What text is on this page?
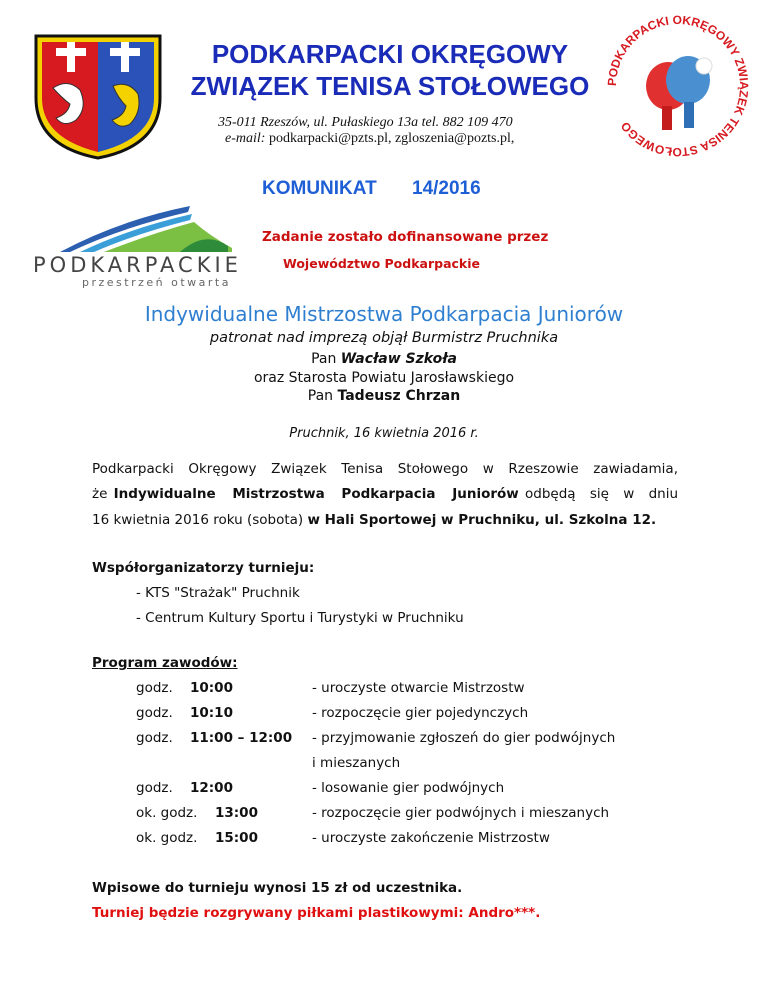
PODKARPACKI OKRĘGOWY
ZWIĄZEK TENISA STOŁOWEGO
35-011 Rzeszów, ul. Pułaskiego 13a tel. 882 109 470
e-mail: podkarpacki@pzts.pl, zgloszenia@pozts.pl,
PODKARPACKI OKRĘGOWY ZWIĄZEK TENISA STOŁOWEGO
KOMUNIKAT 14/2016
PODKARPACKIE
przestrzeń otwarta
Zadanie zostało dofinansowane przez
Województwo Podkarpackie
Indywidualne Mistrzostwa Podkarpacia Juniorów
patronat nad imprezą objął Burmistrz Pruchnika
Pan Wacław Szkoła
oraz Starosta Powiatu Jarosławskiego
Pan Tadeusz Chrzan
Pruchnik, 16 kwietnia 2016 r.
Podkarpacki Okręgowy Związek Tenisa Stołowego w Rzeszowie zawiadamia,
że Indywidualne Mistrzostwa Podkarpacia Juniorów odbędą się w dniu
16 kwietnia 2016 roku (sobota) w Hali Sportowej w Pruchniku, ul. Szkolna 12.
Współorganizatorzy turnieju:
- KTS "Strażak" Pruchnik
- Centrum Kultury Sportu i Turystyki w Pruchniku
Program zawodów:
godz. 10:00	- uroczyste otwarcie Mistrzostw
godz. 10:10	- rozpoczęcie gier pojedynczych
godz. 11:00 – 12:00 - przyjmowanie zgłoszeń do gier podwójnych
i mieszanych
godz. 12:00	- losowanie gier podwójnych
ok. godz. 13:00	- rozpoczęcie gier podwójnych i mieszanych
ok. godz. 15:00	- uroczyste zakończenie Mistrzostw
Wpisowe do turnieju wynosi 15 zł od uczestnika.
Turniej będzie rozgrywany piłkami plastikowymi: Andro***.
